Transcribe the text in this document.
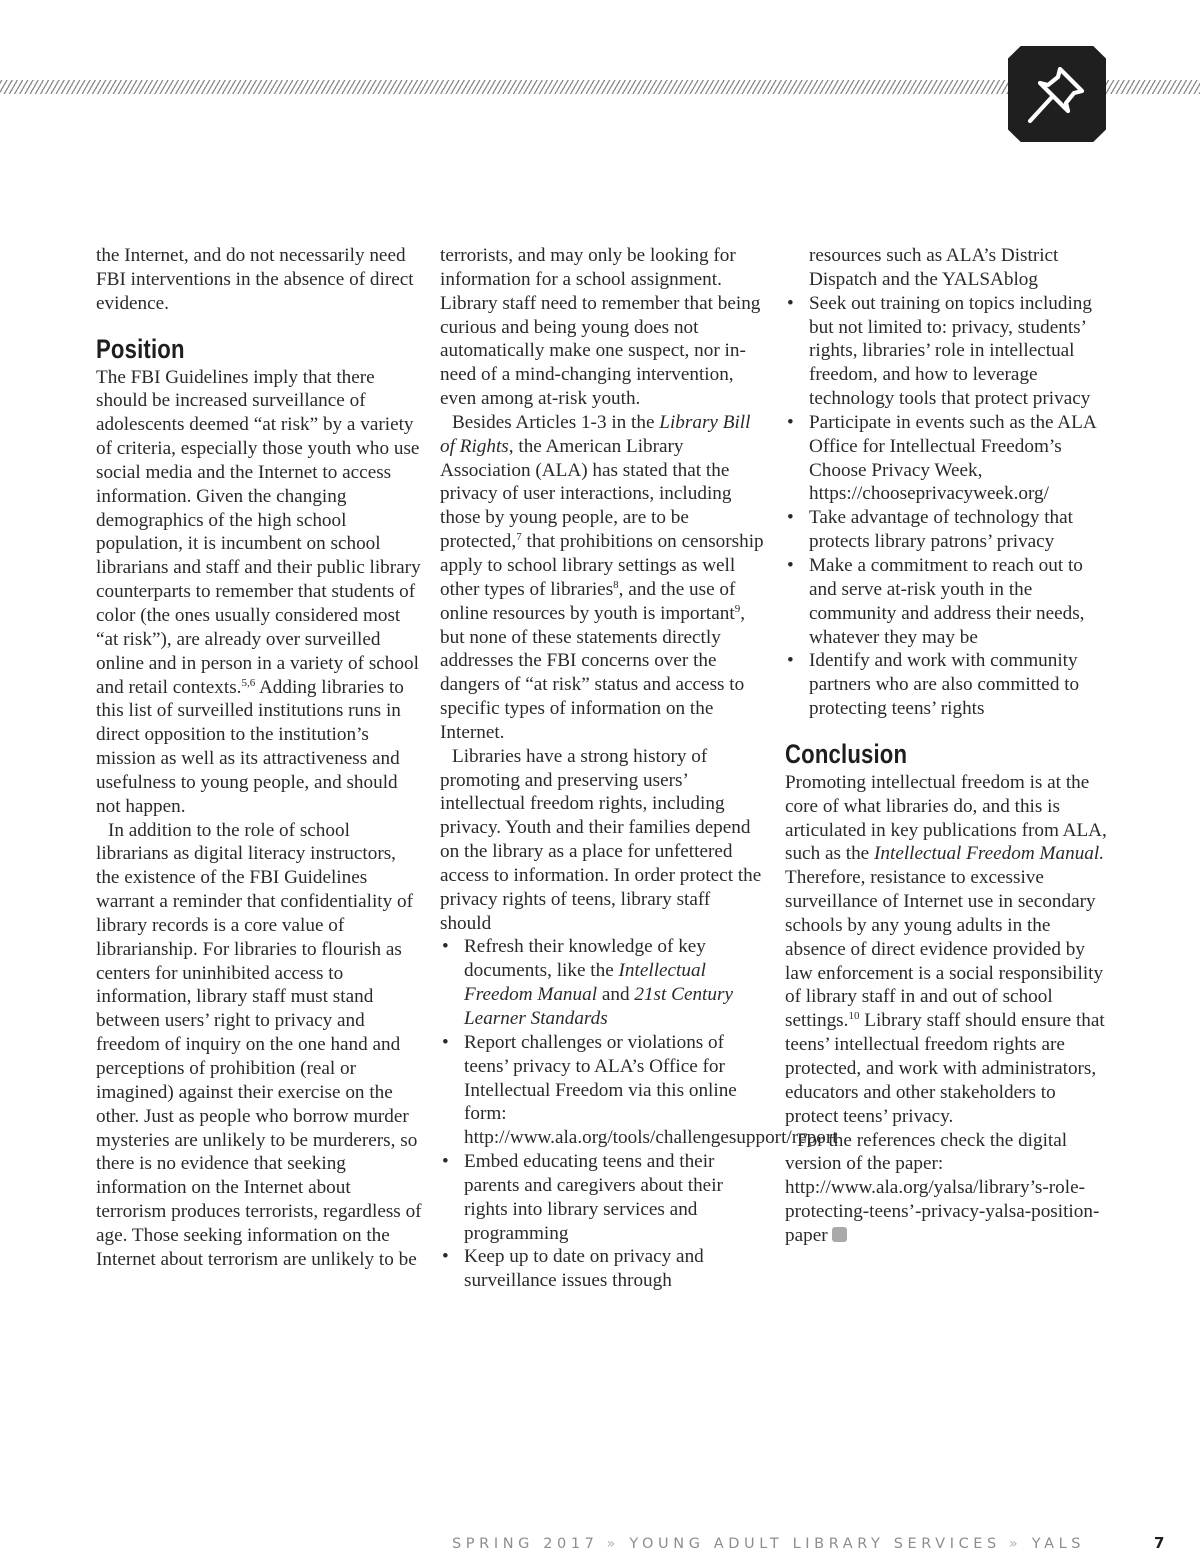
the Internet, and do not necessarily need FBI interventions in the absence of direct evidence.

Position

The FBI Guidelines imply that there should be increased surveillance of adolescents deemed “at risk” by a variety of criteria, especially those youth who use social media and the Internet to access information. Given the changing demographics of the high school population, it is incumbent on school librarians and staff and their public library counterparts to remember that students of color (the ones usually considered most “at risk”), are already over surveilled online and in person in a variety of school and retail contexts.$^{5,6}$ Adding libraries to this list of surveilled institutions runs in direct opposition to the institution’s mission as well as its attractiveness and usefulness to young people, and should not happen.

In addition to the role of school librarians as digital literacy instructors, the existence of the FBI Guidelines warrant a reminder that confidentiality of library records is a core value of librarianship. For libraries to flourish as centers for uninhibited access to information, library staff must stand between users’ right to privacy and freedom of inquiry on the one hand and perceptions of prohibition (real or imagined) against their exercise on the other. Just as people who borrow murder mysteries are unlikely to be murderers, so there is no evidence that seeking information on the Internet about terrorism produces terrorists, regardless of age. Those seeking information on the Internet about terrorism are unlikely to be

terrorists, and may only be looking for information for a school assignment. Library staff need to remember that being curious and being young does not automatically make one suspect, nor in-need of a mind-changing intervention, even among at-risk youth.

Besides Articles 1-3 in the Library Bill of Rights, the American Library Association (ALA) has stated that the privacy of user interactions, including those by young people, are to be protected,$^7$ that prohibitions on censorship apply to school library settings as well other types of libraries$^8$, and the use of online resources by youth is important$^9$, but none of these statements directly addresses the FBI concerns over the dangers of “at risk” status and access to specific types of information on the Internet.

Libraries have a strong history of promoting and preserving users’ intellectual freedom rights, including privacy. Youth and their families depend on the library as a place for unfettered access to information. In order protect the privacy rights of teens, library staff should

• Refresh their knowledge of key documents, like the Intellectual Freedom Manual and 21st Century Learner Standards
• Report challenges or violations of teens’ privacy to ALA’s Office for Intellectual Freedom via this online form: http://www.ala.org/tools/challengesupport/report
• Embed educating teens and their parents and caregivers about their rights into library services and programming
• Keep up to date on privacy and surveillance issues through
resources such as ALA’s District Dispatch and the YALSAblog
• Seek out training on topics including but not limited to: privacy, students’ rights, libraries’ role in intellectual freedom, and how to leverage technology tools that protect privacy
• Participate in events such as the ALA Office for Intellectual Freedom’s Choose Privacy Week, https://chooseprivacyweek.org/
• Take advantage of technology that protects library patrons’ privacy
• Make a commitment to reach out to and serve at-risk youth in the community and address their needs, whatever they may be
• Identify and work with community partners who are also committed to protecting teens’ rights
Conclusion

Promoting intellectual freedom is at the core of what libraries do, and this is articulated in key publications from ALA, such as the Intellectual Freedom Manual. Therefore, resistance to excessive surveillance of Internet use in secondary schools by any young adults in the absence of direct evidence provided by law enforcement is a social responsibility of library staff in and out of school settings.$^{10}$ Library staff should ensure that teens’ intellectual freedom rights are protected, and work with administrators, educators and other stakeholders to protect teens’ privacy.

For the references check the digital version of the paper: http://www.ala.org/yalsa/library’s-role-protecting-teens’-privacy-yalsa-position-paper

SPRING 2017 » YOUNG ADULT LIBRARY SERVICES » YALS	7
